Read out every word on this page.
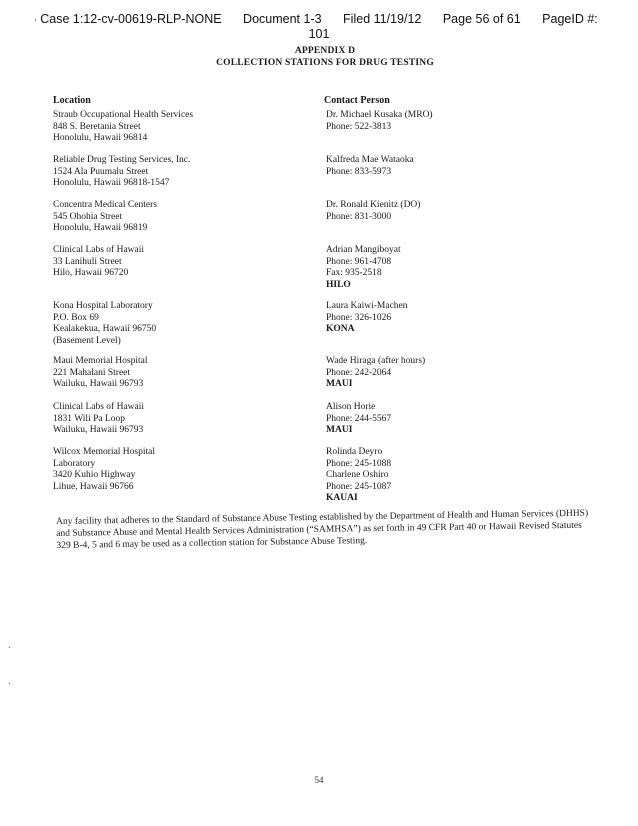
Case 1:12-cv-00619-RLP-NONE Document 1-3 Filed 11/19/12 Page 56 of 61 PageID #:
101
,
.
.
APPENDIX D
COLLECTION STATIONS FOR DRUG TESTING
Location	Contact Person
Straub Occupational Health Services
848 S. Beretania Street
Honolulu, Hawaii 96814
Reliable Drug Testing Services, Inc.
1524 Ala Puumalu Street
Honolulu, Hawaii 96818-1547
Concentra Medical Centers
545 Ohohia Street
Honolulu, Hawaii 96819
Clinical Labs of Hawaii
33 Lanihuli Street
Hilo, Hawaii 96720
Kona Hospital Laboratory
P.O. Box 69
Kealakekua, Hawaii 96750
(Basement Level)
Maui Memorial Hospital
221 Mahalani Street
Wailuku, Hawaii 96793
Clinical Labs of Hawaii
1831 Wili Pa Loop
Wailuku, Hawaii 96793
Wilcox Memorial Hospital
Laboratory
3420 Kuhio Highway
Lihue, Hawaii 96766
Dr. Michael Kusaka (MRO)
Phone: 522-3813
Kalfreda Mae Wataoka
Phone: 833-5973
Dr. Ronald Kienitz (DO)
Phone: 831-3000
Adrian Mangiboyat
Phone: 961-4708
Fax: 935-2518
HILO
Laura Kaiwi-Machen
Phone: 326-1026
KONA
Wade Hiraga (after hours)
Phone: 242-2064
MAUI
Alison Horie
Phone: 244-5567
MAUI
Rolinda Deyro
Phone: 245-1088
Charlene Oshiro
Phone: 245-1087
KAUAI
Any facility that adheres to the Standard of Substance Abuse Testing established by the Department of Health and Human Services (DHHS) and Substance Abuse and Mental Health Services Administration (“SAMHSA”) as set forth in 49 CFR Part 40 or Hawaii Revised Statutes 329 B-4, 5 and 6 may be used as a collection station for Substance Abuse Testing.
54
